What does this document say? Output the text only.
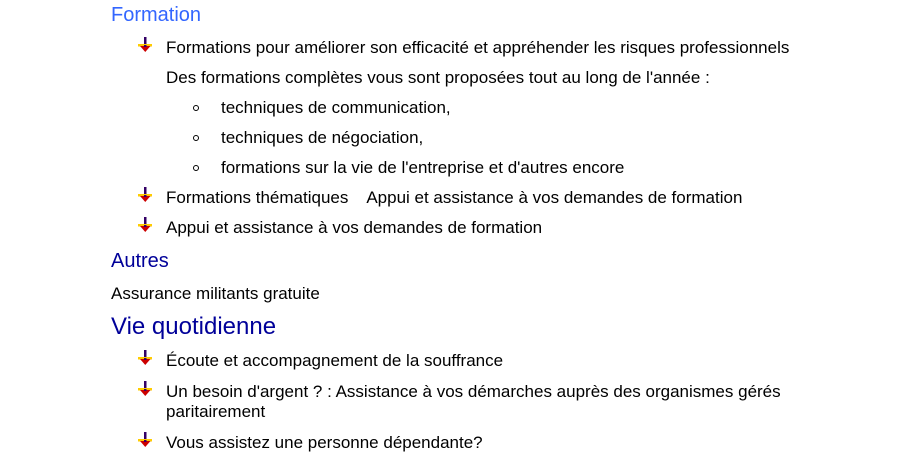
Formation
Formations pour améliorer son efficacité et appréhender les risques professionnels
Des formations complètes vous sont proposées tout au long de l'année :
techniques de communication,
techniques de négociation,
formations sur la vie de l'entreprise et d'autres encore
Formations thématiques    Appui et assistance à vos demandes de formation
Appui et assistance à vos demandes de formation
Autres
Assurance militants gratuite
Vie quotidienne
Écoute et accompagnement de la souffrance
Un besoin d'argent ? : Assistance à vos démarches auprès des organismes gérés
paritairement
Vous assistez une personne dépendante?
